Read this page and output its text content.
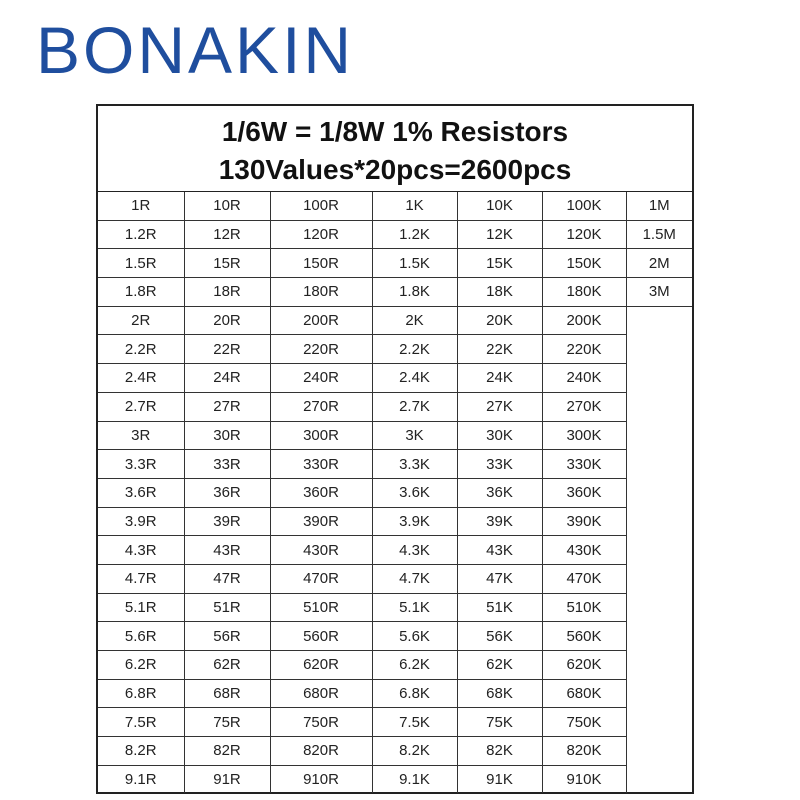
BONAKIN
1/6W = 1/8W 1% Resistors
130Values*20pcs=2600pcs
1R	10R	100R	1K	10K	100K	1M
1.2R	12R	120R	1.2K	12K	120K	1.5M
1.5R	15R	150R	1.5K	15K	150K	2M
1.8R	18R	180R	1.8K	18K	180K	3M
2R	20R	200R	2K	20K	200K	
2.2R	22R	220R	2.2K	22K	220K	
2.4R	24R	240R	2.4K	24K	240K	
2.7R	27R	270R	2.7K	27K	270K	
3R	30R	300R	3K	30K	300K	
3.3R	33R	330R	3.3K	33K	330K	
3.6R	36R	360R	3.6K	36K	360K	
3.9R	39R	390R	3.9K	39K	390K	
4.3R	43R	430R	4.3K	43K	430K	
4.7R	47R	470R	4.7K	47K	470K	
5.1R	51R	510R	5.1K	51K	510K	
5.6R	56R	560R	5.6K	56K	560K	
6.2R	62R	620R	6.2K	62K	620K	
6.8R	68R	680R	6.8K	68K	680K	
7.5R	75R	750R	7.5K	75K	750K	
8.2R	82R	820R	8.2K	82K	820K	
9.1R	91R	910R	9.1K	91K	910K	
